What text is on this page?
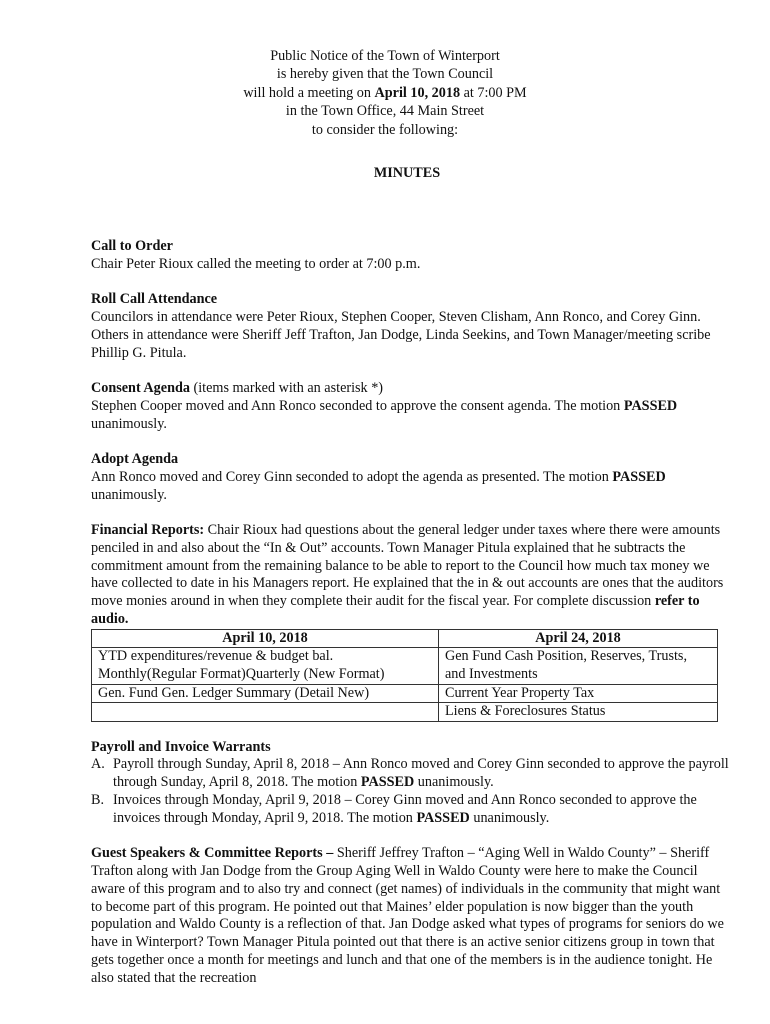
Public Notice of the Town of Winterport
is hereby given that the Town Council
will hold a meeting on April 10, 2018 at 7:00 PM
in the Town Office, 44 Main Street
to consider the following:
MINUTES

Call to Order

Chair Peter Rioux called the meeting to order at 7:00 p.m.

Roll Call Attendance

Councilors in attendance were Peter Rioux, Stephen Cooper, Steven Clisham, Ann Ronco, and Corey Ginn. Others in attendance were Sheriff Jeff Trafton, Jan Dodge, Linda Seekins, and Town Manager/meeting scribe Phillip G. Pitula.

Consent Agenda (items marked with an asterisk *)

Stephen Cooper moved and Ann Ronco seconded to approve the consent agenda. The motion PASSED unanimously.

Adopt Agenda

Ann Ronco moved and Corey Ginn seconded to adopt the agenda as presented. The motion PASSED unanimously.

Financial Reports: Chair Rioux had questions about the general ledger under taxes where there were amounts penciled in and also about the “In & Out” accounts. Town Manager Pitula explained that he subtracts the commitment amount from the remaining balance to be able to report to the Council how much tax money we have collected to date in his Managers report. He explained that the in & out accounts are ones that the auditors move monies around in when they complete their audit for the fiscal year. For complete discussion refer to audio.

April 10, 2018	April 24, 2018
YTD expenditures/revenue & budget bal. Monthly(Regular Format)Quarterly (New Format)	Gen Fund Cash Position, Reserves, Trusts, and Investments
Gen. Fund Gen. Ledger Summary (Detail New)	Current Year Property Tax
	Liens & Foreclosures Status

Payroll and Invoice Warrants

A. Payroll through Sunday, April 8, 2018 – Ann Ronco moved and Corey Ginn seconded to approve the payroll through Sunday, April 8, 2018. The motion PASSED unanimously.
B. Invoices through Monday, April 9, 2018 – Corey Ginn moved and Ann Ronco seconded to approve the invoices through Monday, April 9, 2018. The motion PASSED unanimously.

Guest Speakers & Committee Reports – Sheriff Jeffrey Trafton – “Aging Well in Waldo County” – Sheriff Trafton along with Jan Dodge from the Group Aging Well in Waldo County were here to make the Council aware of this program and to also try and connect (get names) of individuals in the community that might want to become part of this program. He pointed out that Maines’ elder population is now bigger than the youth population and Waldo County is a reflection of that. Jan Dodge asked what types of programs for seniors do we have in Winterport? Town Manager Pitula pointed out that there is an active senior citizens group in town that gets together once a month for meetings and lunch and that one of the members is in the audience tonight. He also stated that the recreation
